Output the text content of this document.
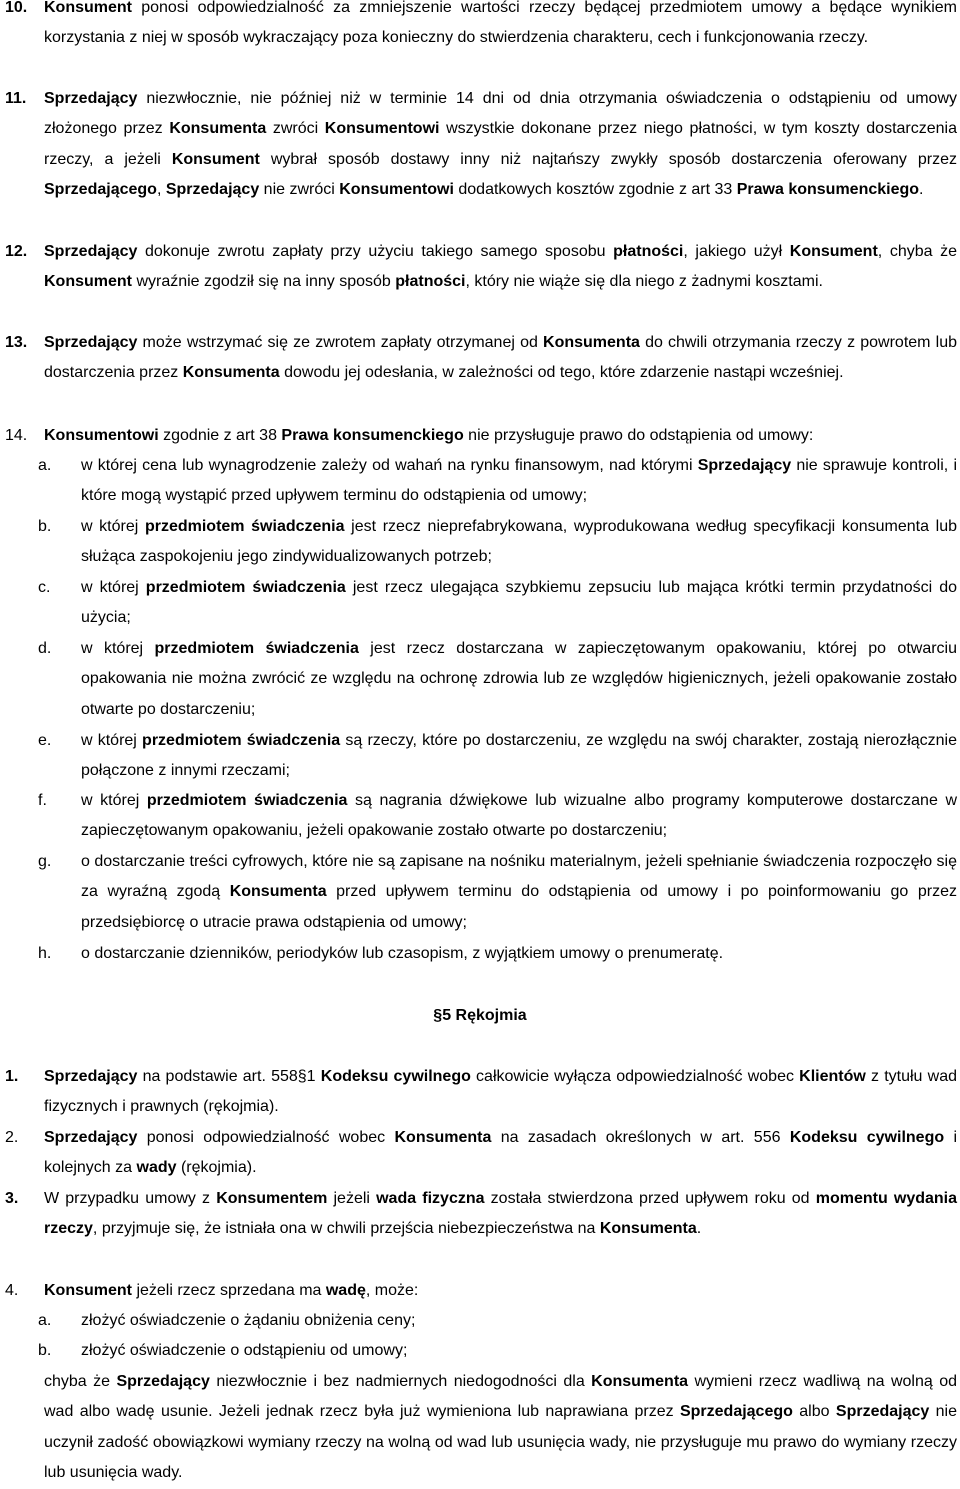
10.	Konsument ponosi odpowiedzialność za zmniejszenie wartości rzeczy będącej przedmiotem umowy a będące wynikiem korzystania z niej w sposób wykraczający poza konieczny do stwierdzenia charakteru, cech i funkcjonowania rzeczy.
11.	Sprzedający niezwłocznie, nie później niż w terminie 14 dni od dnia otrzymania oświadczenia o odstąpieniu od umowy złożonego przez Konsumenta zwróci Konsumentowi wszystkie dokonane przez niego płatności, w tym koszty dostarczenia rzeczy, a jeżeli Konsument wybrał sposób dostawy inny niż najtańszy zwykły sposób dostarczenia oferowany przez Sprzedającego, Sprzedający nie zwróci Konsumentowi dodatkowych kosztów zgodnie z art 33 Prawa konsumenckiego.
12.	Sprzedający dokonuje zwrotu zapłaty przy użyciu takiego samego sposobu płatności, jakiego użył Konsument, chyba że Konsument wyraźnie zgodził się na inny sposób płatności, który nie wiąże się dla niego z żadnymi kosztami.
13.	Sprzedający może wstrzymać się ze zwrotem zapłaty otrzymanej od Konsumenta do chwili otrzymania rzeczy z powrotem lub dostarczenia przez Konsumenta dowodu jej odesłania, w zależności od tego, które zdarzenie nastąpi wcześniej.
14.	Konsumentowi zgodnie z art 38 Prawa konsumenckiego nie przysługuje prawo do odstąpienia od umowy:
a.	w której cena lub wynagrodzenie zależy od wahań na rynku finansowym, nad którymi Sprzedający nie sprawuje kontroli, i które mogą wystąpić przed upływem terminu do odstąpienia od umowy;
b.	w której przedmiotem świadczenia jest rzecz nieprefabrykowana, wyprodukowana według specyfikacji konsumenta lub służąca zaspokojeniu jego zindywidualizowanych potrzeb;
c.	w której przedmiotem świadczenia jest rzecz ulegająca szybkiemu zepsuciu lub mająca krótki termin przydatności do użycia;
d.	w której przedmiotem świadczenia jest rzecz dostarczana w zapieczętowanym opakowaniu, której po otwarciu opakowania nie można zwrócić ze względu na ochronę zdrowia lub ze względów higienicznych, jeżeli opakowanie zostało otwarte po dostarczeniu;
e.	w której przedmiotem świadczenia są rzeczy, które po dostarczeniu, ze względu na swój charakter, zostają nierozłącznie połączone z innymi rzeczami;
f.	w której przedmiotem świadczenia są nagrania dźwiękowe lub wizualne albo programy komputerowe dostarczane w zapieczętowanym opakowaniu, jeżeli opakowanie zostało otwarte po dostarczeniu;
g.	o dostarczanie treści cyfrowych, które nie są zapisane na nośniku materialnym, jeżeli spełnianie świadczenia rozpoczęło się za wyraźną zgodą Konsumenta przed upływem terminu do odstąpienia od umowy i po poinformowaniu go przez przedsiębiorcę o utracie prawa odstąpienia od umowy;
h.	o dostarczanie dzienników, periodyków lub czasopism, z wyjątkiem umowy o prenumeratę.
§5 Rękojmia
1.	Sprzedający na podstawie art. 558§1 Kodeksu cywilnego całkowicie wyłącza odpowiedzialność wobec Klientów z tytułu wad fizycznych i prawnych (rękojmia).
2.	Sprzedający ponosi odpowiedzialność wobec Konsumenta na zasadach określonych w art. 556 Kodeksu cywilnego i kolejnych za wady (rękojmia).
3.	W przypadku umowy z Konsumentem jeżeli wada fizyczna została stwierdzona przed upływem roku od momentu wydania rzeczy, przyjmuje się, że istniała ona w chwili przejścia niebezpieczeństwa na Konsumenta.
4.	Konsument jeżeli rzecz sprzedana ma wadę, może:
a.	złożyć oświadczenie o żądaniu obniżenia ceny;
b.	złożyć oświadczenie o odstąpieniu od umowy;
chyba że Sprzedający niezwłocznie i bez nadmiernych niedogodności dla Konsumenta wymieni rzecz wadliwą na wolną od wad albo wadę usunie. Jeżeli jednak rzecz była już wymieniona lub naprawiana przez Sprzedającego albo Sprzedający nie uczynił zadość obowiązkowi wymiany rzeczy na wolną od wad lub usunięcia wady, nie przysługuje mu prawo do wymiany rzeczy lub usunięcia wady.
